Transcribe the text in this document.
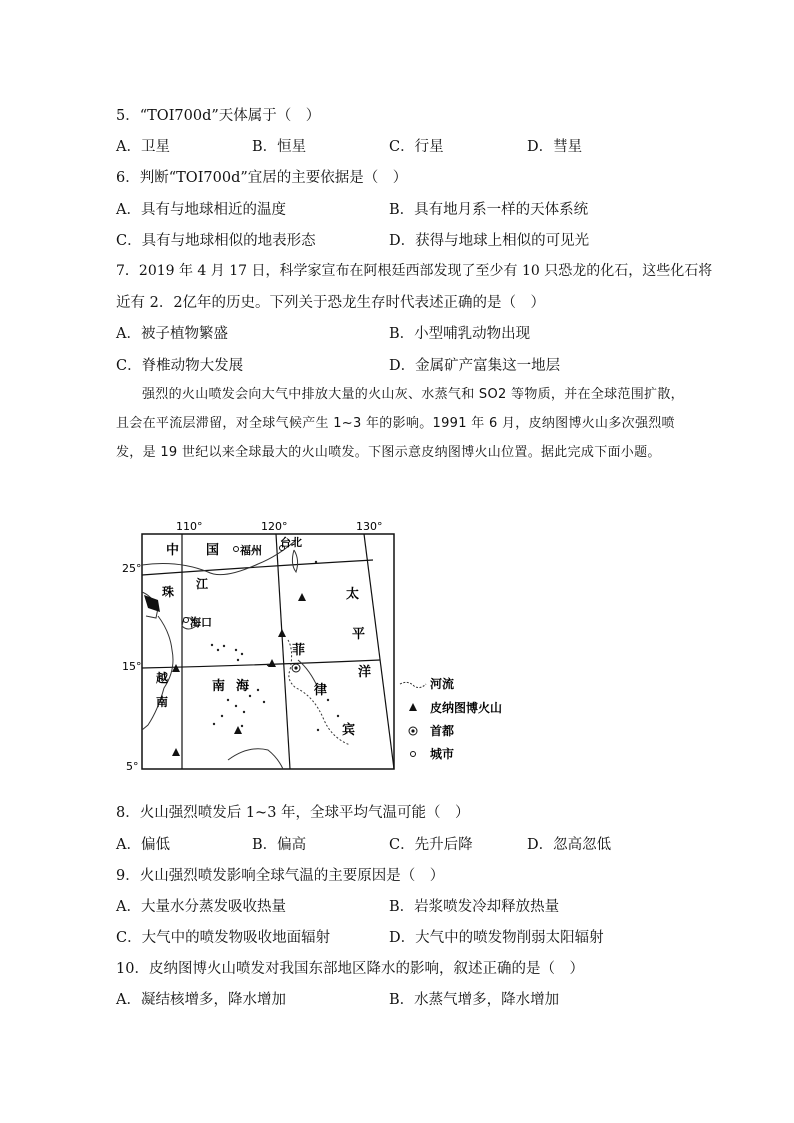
5．“TOI700d”天体属于（　）
A．卫星	B．恒星	C．行星	D．彗星
6．判断“TOI700d”宜居的主要依据是（　）
A．具有与地球相近的温度	B．具有地月系一样的天体系统
C．具有与地球相似的地表形态	D．获得与地球上相似的可见光
7．2019 年 4 月 17 日，科学家宣布在阿根廷西部发现了至少有 10 只恐龙的化石，这些化石将
近有 2．2亿年的历史。下列关于恐龙生存时代表述正确的是（　）
A．被子植物繁盛	B．小型哺乳动物出现
C．脊椎动物大发展	D．金属矿产富集这一地层
强烈的火山喷发会向大气中排放大量的火山灰、水蒸气和 SO2 等物质，并在全球范围扩散，且会在平流层滞留，对全球气候产生 1~3 年的影响。1991 年 6 月，皮纳图博火山多次强烈喷发，是 19 世纪以来全球最大的火山喷发。下图示意皮纳图博火山位置。据此完成下面小题。
110°	120°	130°
25°
15°
5°
中 国 福州
台北
珠
江
海口
太
平
洋
菲
律
宾
南 海
越
南
河流
皮纳图博火山
首都
城市
8．火山强烈喷发后 1~3 年，全球平均气温可能（　）
A．偏低	B．偏高	C．先升后降	D．忽高忽低
9．火山强烈喷发影响全球气温的主要原因是（　）
A．大量水分蒸发吸收热量	B．岩浆喷发冷却释放热量
C．大气中的喷发物吸收地面辐射	D．大气中的喷发物削弱太阳辐射
10．皮纳图博火山喷发对我国东部地区降水的影响，叙述正确的是（　）
A．凝结核增多，降水增加	B．水蒸气增多，降水增加
